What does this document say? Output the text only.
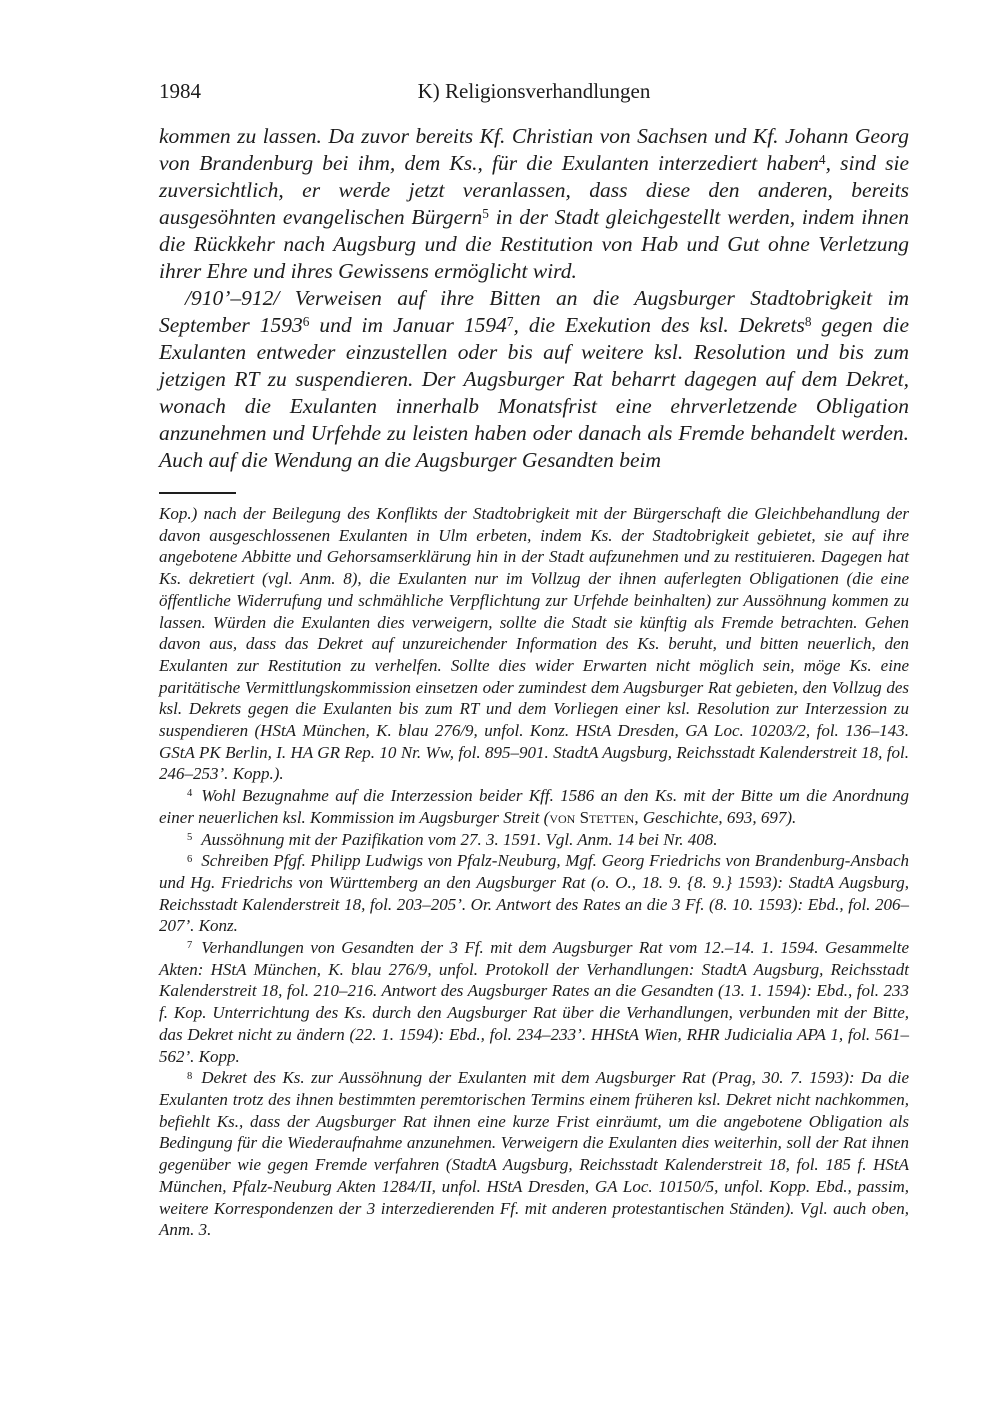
1984	K) Religionsverhandlungen

kommen zu lassen. Da zuvor bereits Kf. Christian von Sachsen und Kf. Johann Georg von Brandenburg bei ihm, dem Ks., für die Exulanten interzediert haben$^4$, sind sie zuversichtlich, er werde jetzt veranlassen, dass diese den anderen, bereits ausgesöhnten evangelischen Bürgern$^5$ in der Stadt gleichgestellt werden, indem ihnen die Rückkehr nach Augsburg und die Restitution von Hab und Gut ohne Verletzung ihrer Ehre und ihres Gewissens ermöglicht wird.

/910’–912/ Verweisen auf ihre Bitten an die Augsburger Stadtobrigkeit im September 1593$^6$ und im Januar 1594$^7$, die Exekution des ksl. Dekrets$^8$ gegen die Exulanten entweder einzustellen oder bis auf weitere ksl. Resolution und bis zum jetzigen RT zu suspendieren. Der Augsburger Rat beharrt dagegen auf dem Dekret, wonach die Exulanten innerhalb Monatsfrist eine ehrverletzende Obligation anzunehmen und Urfehde zu leisten haben oder danach als Fremde behandelt werden. Auch auf die Wendung an die Augsburger Gesandten beim

Kop.) nach der Beilegung des Konflikts der Stadtobrigkeit mit der Bürgerschaft die Gleichbehandlung der davon ausgeschlossenen Exulanten in Ulm erbeten, indem Ks. der Stadtobrigkeit gebietet, sie auf ihre angebotene Abbitte und Gehorsamserklärung hin in der Stadt aufzunehmen und zu restituieren. Dagegen hat Ks. dekretiert (vgl. Anm. 8), die Exulanten nur im Vollzug der ihnen auferlegten Obligationen (die eine öffentliche Widerrufung und schmähliche Verpflichtung zur Urfehde beinhalten) zur Aussöhnung kommen zu lassen. Würden die Exulanten dies verweigern, sollte die Stadt sie künftig als Fremde betrachten. Gehen davon aus, dass das Dekret auf unzureichender Information des Ks. beruht, und bitten neuerlich, den Exulanten zur Restitution zu verhelfen. Sollte dies wider Erwarten nicht möglich sein, möge Ks. eine paritätische Vermittlungskommission einsetzen oder zumindest dem Augsburger Rat gebieten, den Vollzug des ksl. Dekrets gegen die Exulanten bis zum RT und dem Vorliegen einer ksl. Resolution zur Interzession zu suspendieren (HStA München, K. blau 276/9, unfol. Konz. HStA Dresden, GA Loc. 10203/2, fol. 136–143. GStA PK Berlin, I. HA GR Rep. 10 Nr. Ww, fol. 895–901. StadtA Augsburg, Reichsstadt Kalenderstreit 18, fol. 246–253’. Kopp.).

$^4$ Wohl Bezugnahme auf die Interzession beider Kff. 1586 an den Ks. mit der Bitte um die Anordnung einer neuerlichen ksl. Kommission im Augsburger Streit (von Stetten, Geschichte, 693, 697).

$^5$ Aussöhnung mit der Pazifikation vom 27. 3. 1591. Vgl. Anm. 14 bei Nr. 408.

$^6$ Schreiben Pfgf. Philipp Ludwigs von Pfalz-Neuburg, Mgf. Georg Friedrichs von Brandenburg-Ansbach und Hg. Friedrichs von Württemberg an den Augsburger Rat (o. O., 18. 9. {8. 9.} 1593): StadtA Augsburg, Reichsstadt Kalenderstreit 18, fol. 203–205’. Or. Antwort des Rates an die 3 Ff. (8. 10. 1593): Ebd., fol. 206–207’. Konz.

$^7$ Verhandlungen von Gesandten der 3 Ff. mit dem Augsburger Rat vom 12.–14. 1. 1594. Gesammelte Akten: HStA München, K. blau 276/9, unfol. Protokoll der Verhandlungen: StadtA Augsburg, Reichsstadt Kalenderstreit 18, fol. 210–216. Antwort des Augsburger Rates an die Gesandten (13. 1. 1594): Ebd., fol. 233 f. Kop. Unterrichtung des Ks. durch den Augsburger Rat über die Verhandlungen, verbunden mit der Bitte, das Dekret nicht zu ändern (22. 1. 1594): Ebd., fol. 234–233’. HHStA Wien, RHR Judicialia APA 1, fol. 561–562’. Kopp.

$^8$ Dekret des Ks. zur Aussöhnung der Exulanten mit dem Augsburger Rat (Prag, 30. 7. 1593): Da die Exulanten trotz des ihnen bestimmten peremtorischen Termins einem früheren ksl. Dekret nicht nachkommen, befiehlt Ks., dass der Augsburger Rat ihnen eine kurze Frist einräumt, um die angebotene Obligation als Bedingung für die Wiederaufnahme anzunehmen. Verweigern die Exulanten dies weiterhin, soll der Rat ihnen gegenüber wie gegen Fremde verfahren (StadtA Augsburg, Reichsstadt Kalenderstreit 18, fol. 185 f. HStA München, Pfalz-Neuburg Akten 1284/II, unfol. HStA Dresden, GA Loc. 10150/5, unfol. Kopp. Ebd., passim, weitere Korrespondenzen der 3 interzedierenden Ff. mit anderen protestantischen Ständen). Vgl. auch oben, Anm. 3.
